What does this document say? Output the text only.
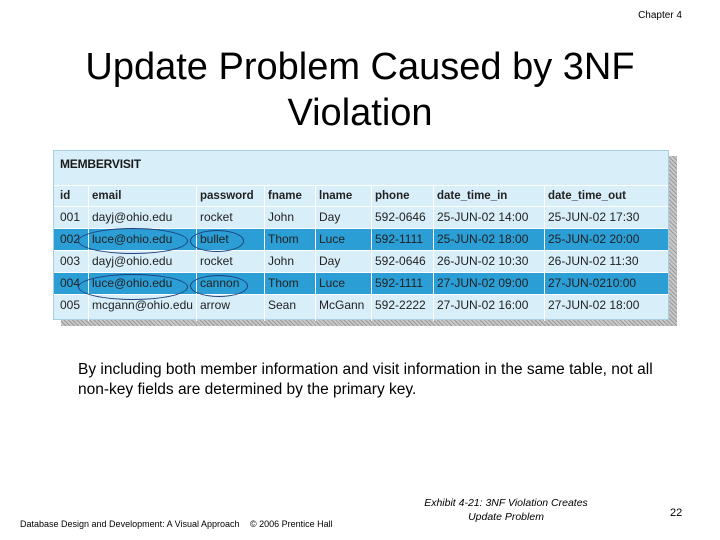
Chapter 4
Update Problem Caused by 3NF
Violation
MEMBERVISIT
id email	password fname lname phone date_time_in	date_time_out
001 dayj@ohio.edu rocket	John Day	592-0646 25-JUN-02 14:00 25-JUN-02 17:30
002 luce@ohio.edu bullet	Thom Luce 592-1111 25-JUN-02 18:00 25-JUN-02 20:00
003 dayj@ohio.edu rocket	John Day	592-0646 26-JUN-02 10:30 26-JUN-02 11:30
004 luce@ohio.edu cannon Thom Luce 592-1111 27-JUN-02 09:00 27-JUN-0210:00
005 mcgann@ohio.edu arrow	Sean McGann 592-2222 27-JUN-02 16:00 27-JUN-02 18:00
By including both member information and visit information in the same table, not all non-key fields are determined by the primary key.
Database Design and Development: A Visual Approach © 2006 Prentice Hall
Exhibit 4-21: 3NF Violation Creates
Update Problem	22
